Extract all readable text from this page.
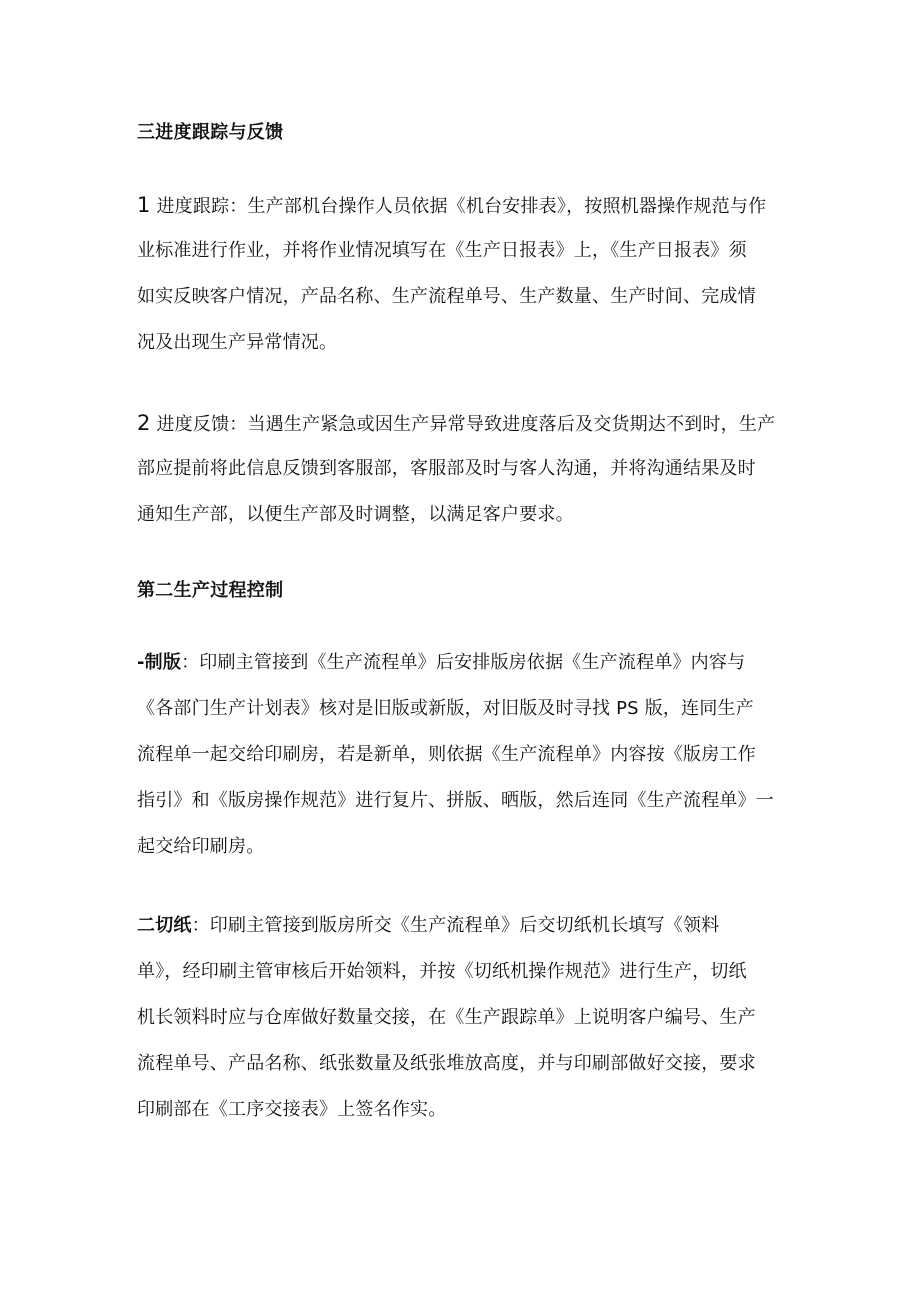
三进度跟踪与反馈
1 进度跟踪：生产部机台操作人员依据《机台安排表》，按照机器操作规范与作
业标准进行作业，并将作业情况填写在《生产日报表》上，《生产日报表》须
如实反映客户情况，产品名称、生产流程单号、生产数量、生产时间、完成情
况及出现生产异常情况。
2 进度反馈：当遇生产紧急或因生产异常导致进度落后及交货期达不到时，生产
部应提前将此信息反馈到客服部，客服部及时与客人沟通，并将沟通结果及时
通知生产部，以便生产部及时调整，以满足客户要求。
第二生产过程控制
-制版：印刷主管接到《生产流程单》后安排版房依据《生产流程单》内容与
《各部门生产计划表》核对是旧版或新版，对旧版及时寻找 PS 版，连同生产
流程单一起交给印刷房，若是新单，则依据《生产流程单》内容按《版房工作
指引》和《版房操作规范》进行复片、拼版、晒版，然后连同《生产流程单》一
起交给印刷房。
二切纸：印刷主管接到版房所交《生产流程单》后交切纸机长填写《领料
单》，经印刷主管审核后开始领料，并按《切纸机操作规范》进行生产，切纸
机长领料时应与仓库做好数量交接，在《生产跟踪单》上说明客户编号、生产
流程单号、产品名称、纸张数量及纸张堆放高度，并与印刷部做好交接，要求
印刷部在《工序交接表》上签名作实。
